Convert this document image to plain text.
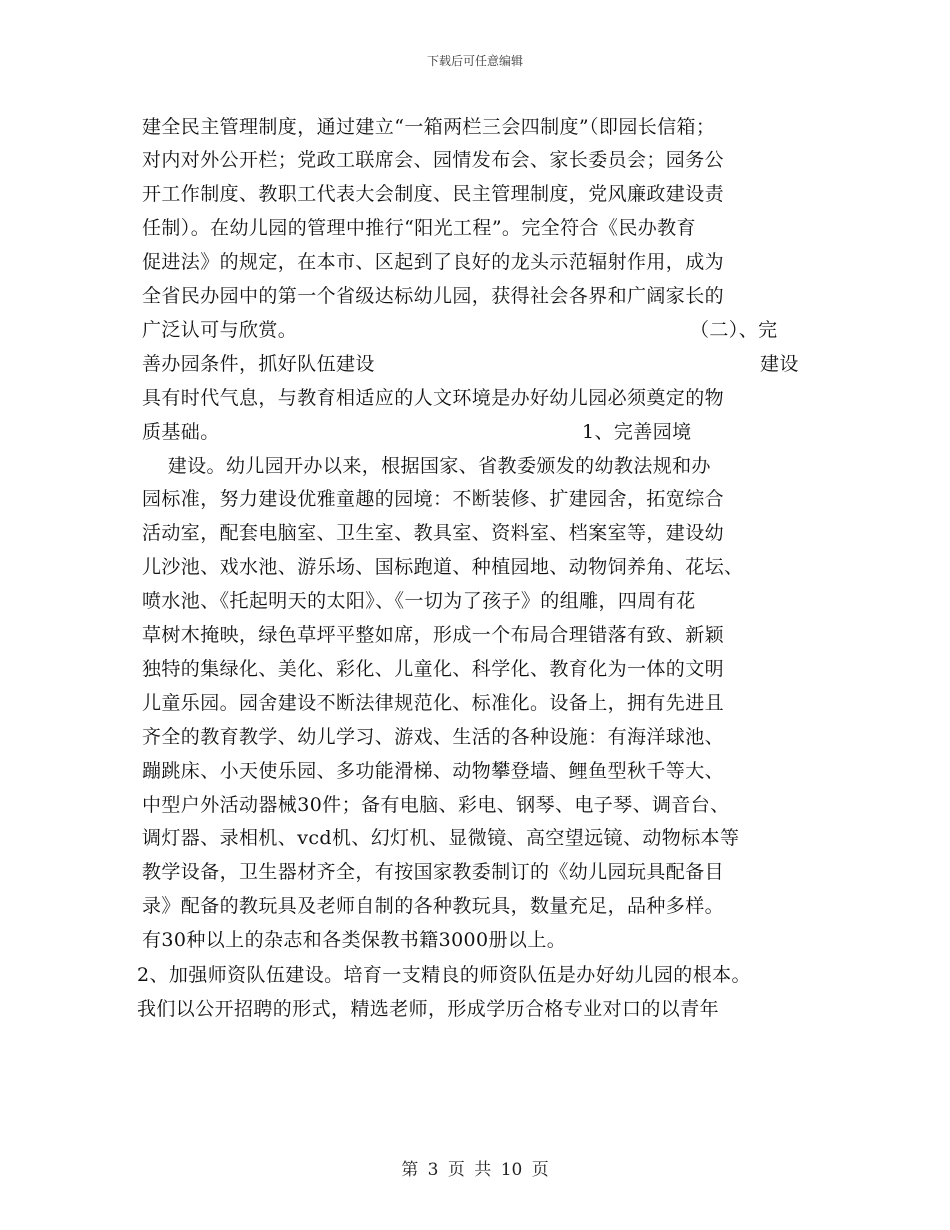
下载后可任意编辑
建全民主管理制度，通过建立“一箱两栏三会四制度”（即园长信箱；
对内对外公开栏；党政工联席会、园情发布会、家长委员会；园务公
开工作制度、教职工代表大会制度、民主管理制度，党风廉政建设责
任制）。在幼儿园的管理中推行“阳光工程”。完全符合《民办教育
促进法》的规定，在本市、区起到了良好的龙头示范辐射作用，成为
全省民办园中的第一个省级达标幼儿园，获得社会各界和广阔家长的
广泛认可与欣赏。	（二）、完
善办园条件，抓好队伍建设	建设
具有时代气息，与教育相适应的人文环境是办好幼儿园必须奠定的物
质基础。	1、完善园境
建设。幼儿园开办以来，根据国家、省教委颁发的幼教法规和办
园标准，努力建设优雅童趣的园境：不断装修、扩建园舍，拓宽综合
活动室，配套电脑室、卫生室、教具室、资料室、档案室等，建设幼
儿沙池、戏水池、游乐场、国标跑道、种植园地、动物饲养角、花坛、
喷水池、《托起明天的太阳》、《一切为了孩子》的组雕，四周有花
草树木掩映，绿色草坪平整如席，形成一个布局合理错落有致、新颖
独特的集绿化、美化、彩化、儿童化、科学化、教育化为一体的文明
儿童乐园。园舍建设不断法律规范化、标准化。设备上，拥有先进且
齐全的教育教学、幼儿学习、游戏、生活的各种设施：有海洋球池、
蹦跳床、小天使乐园、多功能滑梯、动物攀登墙、鲤鱼型秋千等大、
中型户外活动器械30件；备有电脑、彩电、钢琴、电子琴、调音台、
调灯器、录相机、vcd机、幻灯机、显微镜、高空望远镜、动物标本等
教学设备，卫生器材齐全，有按国家教委制订的《幼儿园玩具配备目
录》配备的教玩具及老师自制的各种教玩具，数量充足，品种多样。
有30种以上的杂志和各类保教书籍3000册以上。
2、加强师资队伍建设。培育一支精良的师资队伍是办好幼儿园的根本。
我们以公开招聘的形式，精选老师，形成学历合格专业对口的以青年
第 3 页 共 10 页
